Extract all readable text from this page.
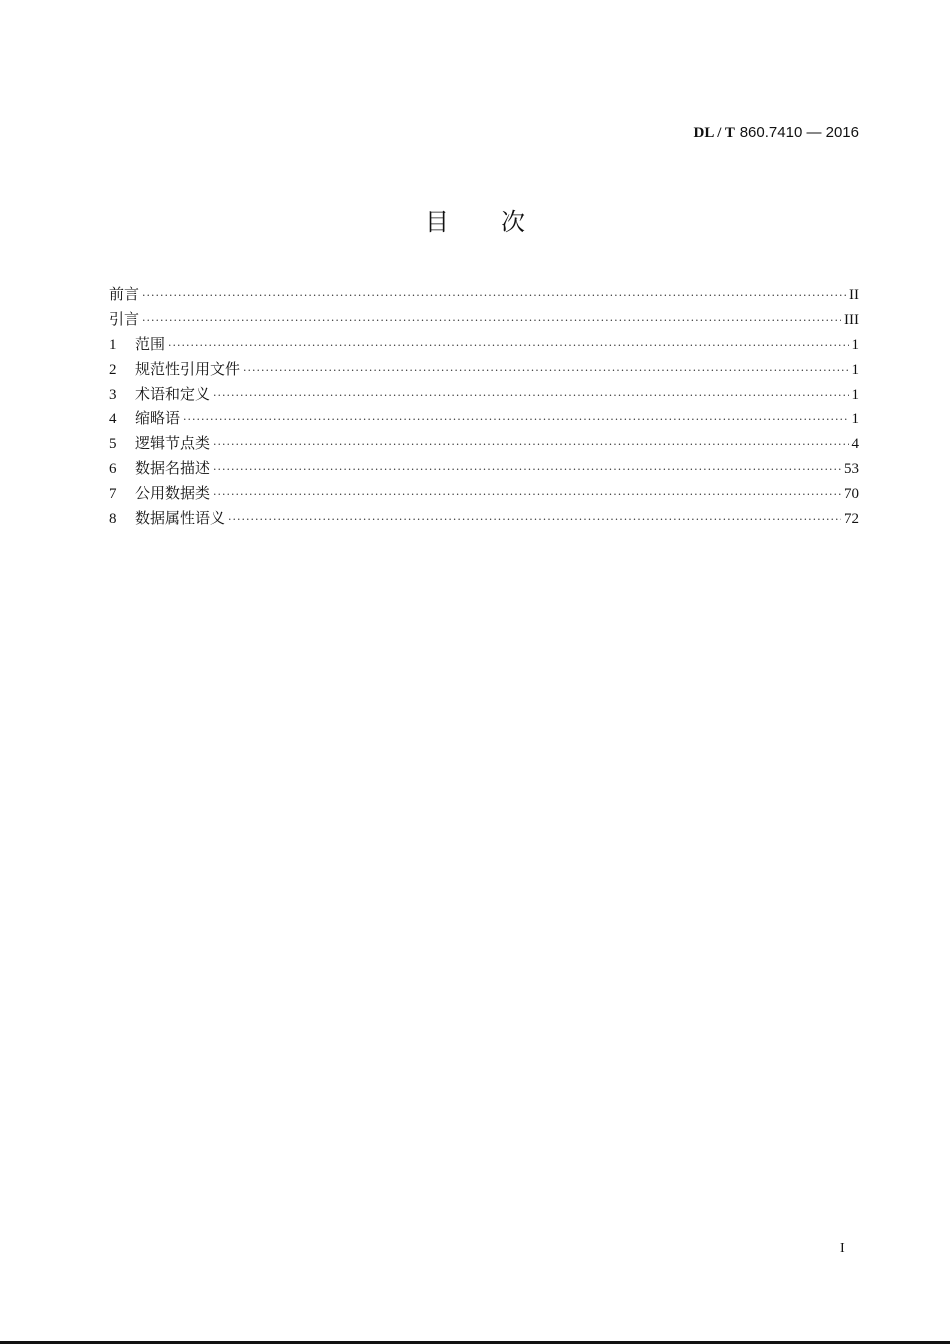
DL / T 860.7410 — 2016
目次
前言 ·····	II
引言 ·····	III
1	范围 ·····	1
2	规范性引用文件 ·····	1
3	术语和定义 ·····	1
4	缩略语 ·····	1
5	逻辑节点类 ·····	4
6	数据名描述 ·····	53
7	公用数据类 ·····	70
8	数据属性语义 ·····	72
I
